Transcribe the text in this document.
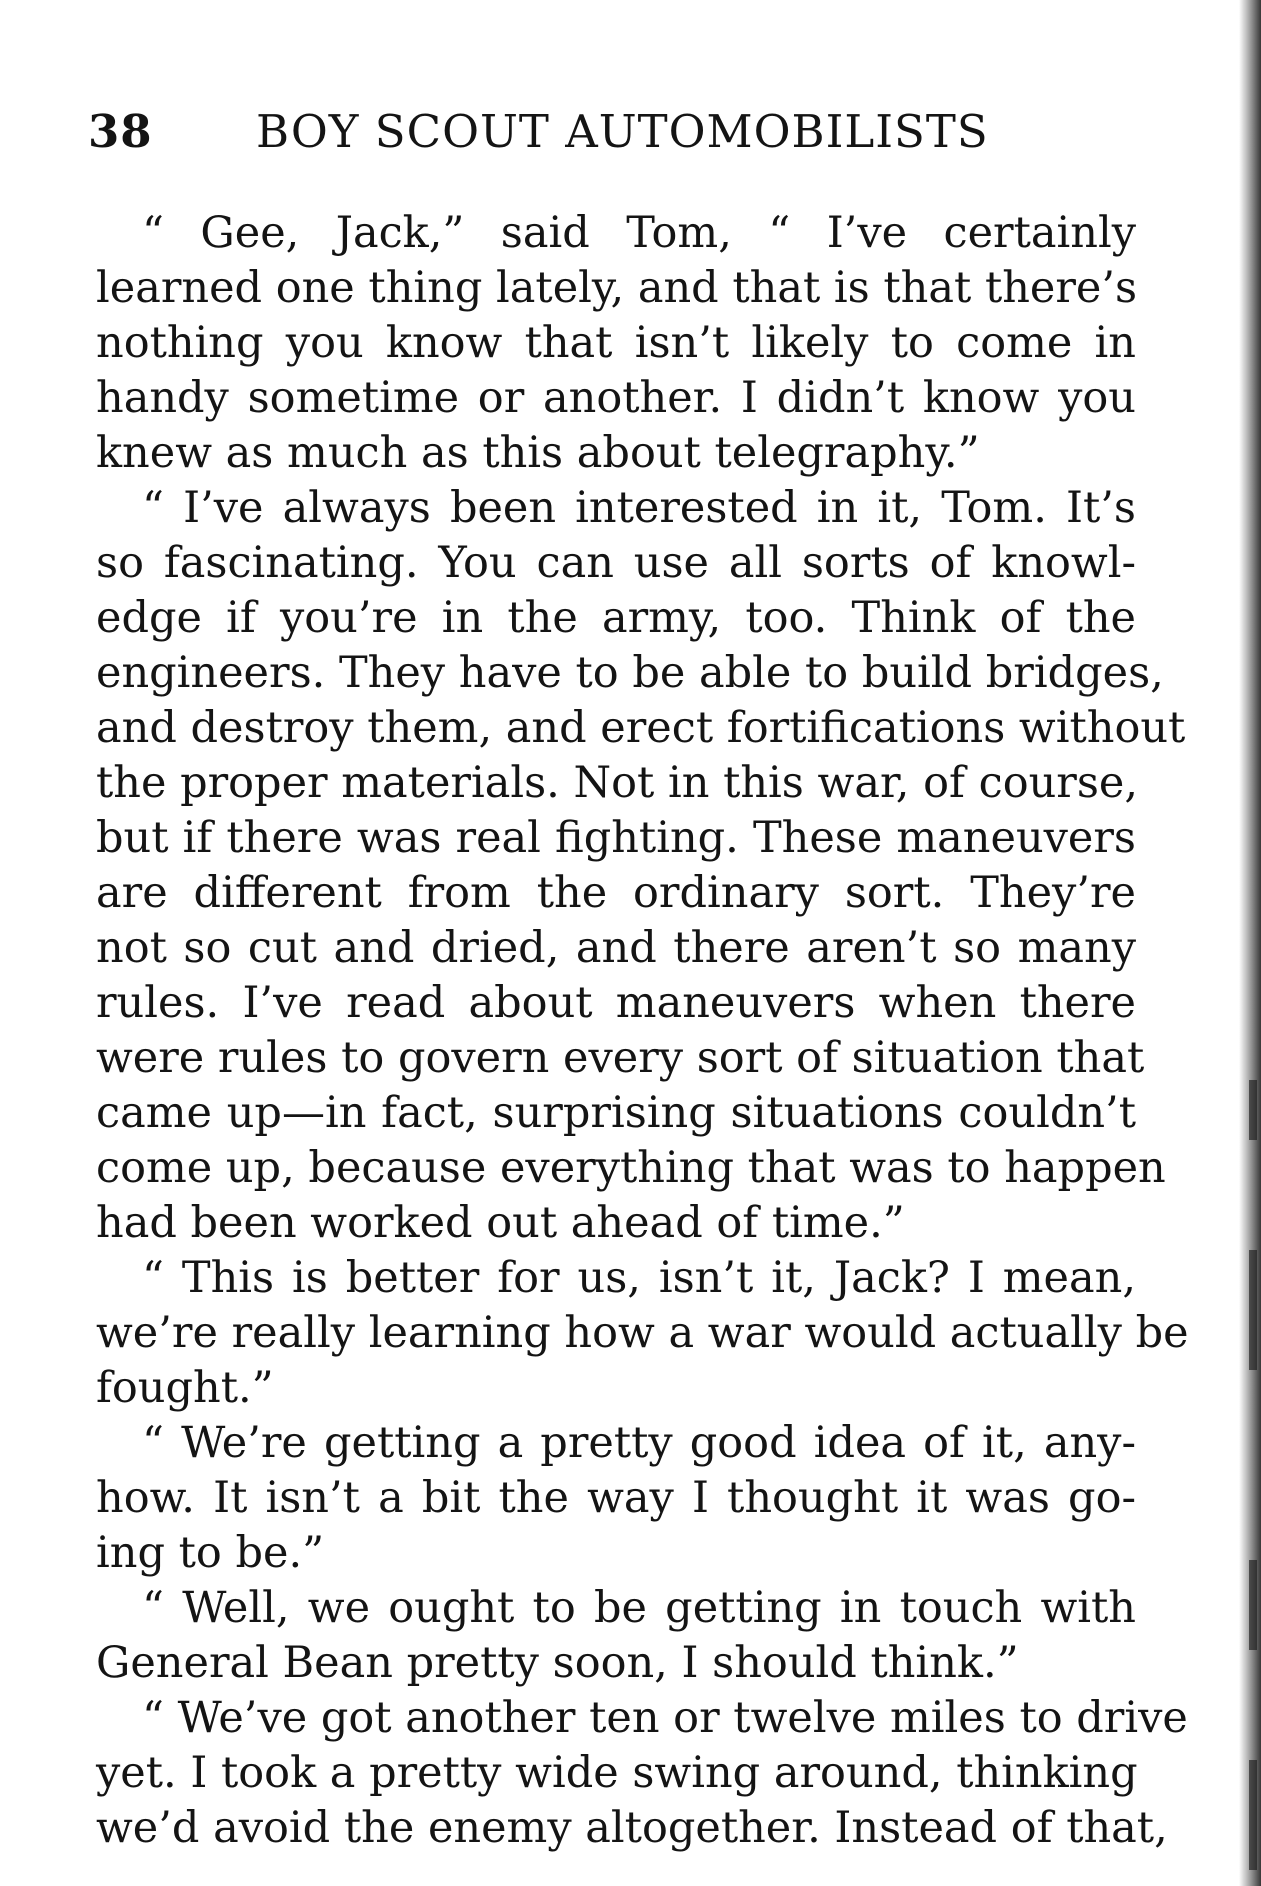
38 BOY SCOUT AUTOMOBILISTS
“ Gee, Jack,” said Tom, “ I’ve certainly
learned one thing lately, and that is that there’s
nothing you know that isn’t likely to come in
handy sometime or another. I didn’t know you
knew as much as this about telegraphy.”
“ I’ve always been interested in it, Tom. It’s
so fascinating. You can use all sorts of knowl-
edge if you’re in the army, too. Think of the
engineers. They have to be able to build bridges,
and destroy them, and erect fortifications without
the proper materials. Not in this war, of course,
but if there was real fighting. These maneuvers
are different from the ordinary sort. They’re
not so cut and dried, and there aren’t so many
rules. I’ve read about maneuvers when there
were rules to govern every sort of situation that
came up—in fact, surprising situations couldn’t
come up, because everything that was to happen
had been worked out ahead of time.”
“ This is better for us, isn’t it, Jack? I mean,
we’re really learning how a war would actually be
fought.”
“ We’re getting a pretty good idea of it, any-
how. It isn’t a bit the way I thought it was go-
ing to be.”
“ Well, we ought to be getting in touch with
General Bean pretty soon, I should think.”
“ We’ve got another ten or twelve miles to drive
yet. I took a pretty wide swing around, thinking
we’d avoid the enemy altogether. Instead of that,
